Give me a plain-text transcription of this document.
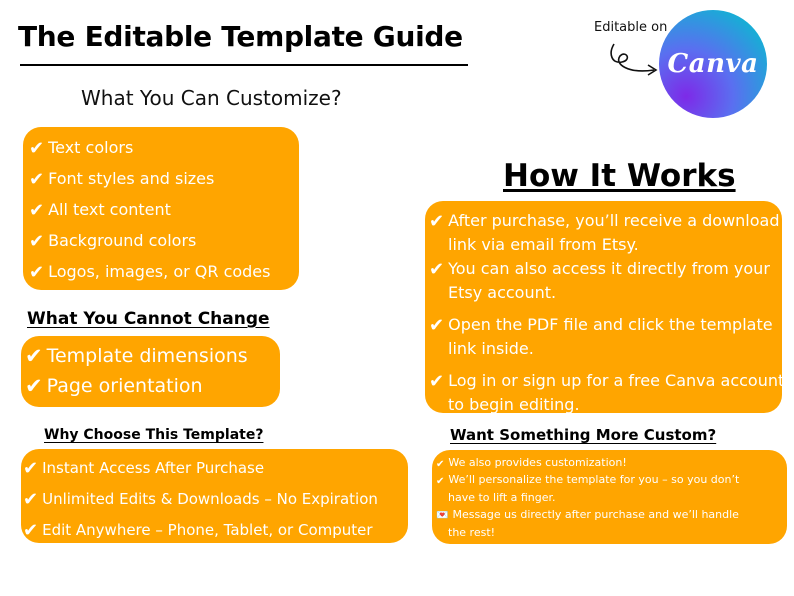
The Editable Template Guide
What You Can Customize?
Editable on
Canva
✔ Text colors
✔ Font styles and sizes
✔ All text content
✔ Background colors
✔ Logos, images, or QR codes
What You Cannot Change
✔ Template dimensions
✔ Page orientation
Why Choose This Template?
✔ Instant Access After Purchase
✔ Unlimited Edits & Downloads – No Expiration
✔ Edit Anywhere – Phone, Tablet, or Computer
How It Works
✔ After purchase, you’ll receive a download
link via email from Etsy.
✔ You can also access it directly from your
Etsy account.
✔ Open the PDF file and click the template
link inside.
✔ Log in or sign up for a free Canva account
to begin editing.
Want Something More Custom?
✔ We also provides customization!
✔ We’ll personalize the template for you – so you don’t
have to lift a finger.
💌 Message us directly after purchase and we’ll handle
the rest!
